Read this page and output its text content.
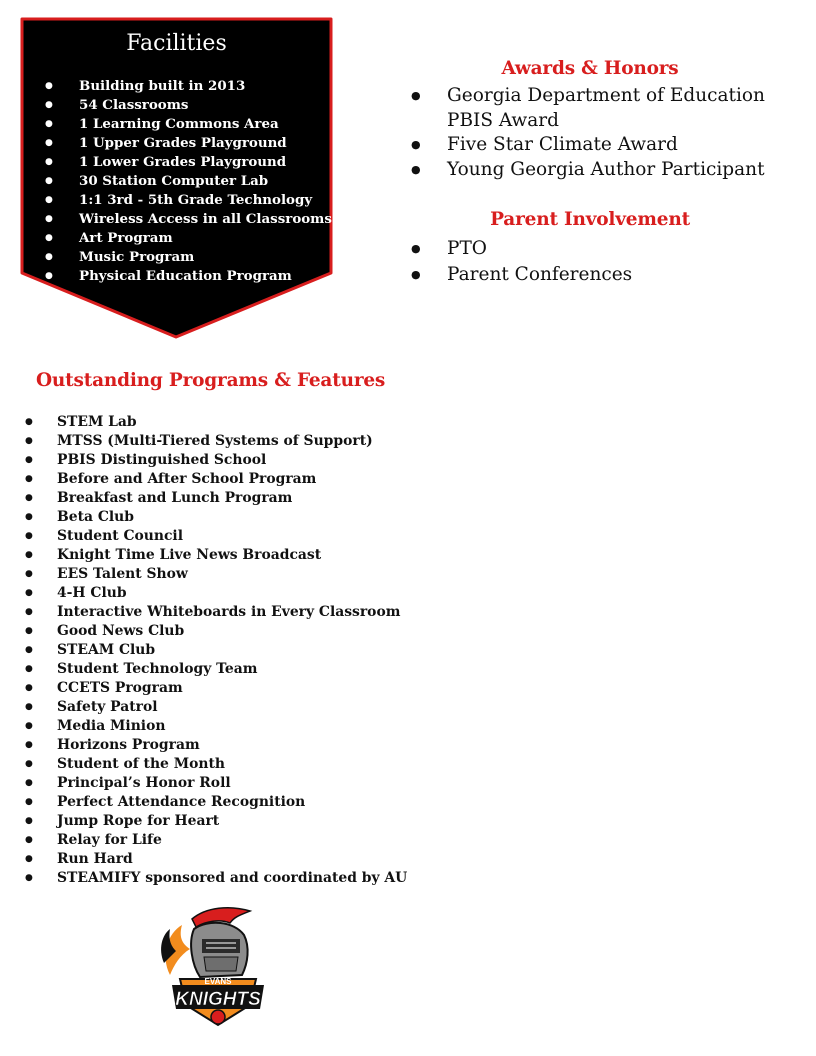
Facilities
● Building built in 2013
● 54 Classrooms
● 1 Learning Commons Area
● 1 Upper Grades Playground
● 1 Lower Grades Playground
● 30 Station Computer Lab
● 1:1 3rd - 5th Grade Technology
● Wireless Access in all Classrooms
● Art Program
● Music Program
● Physical Education Program
Awards & Honors
● Georgia Department of Education PBIS Award
● Five Star Climate Award
● Young Georgia Author Participant
Parent Involvement
● PTO
● Parent Conferences
Outstanding Programs & Features
● STEM Lab
● MTSS (Multi-Tiered Systems of Support)
● PBIS Distinguished School
● Before and After School Program
● Breakfast and Lunch Program
● Beta Club
● Student Council
● Knight Time Live News Broadcast
● EES Talent Show
● 4-H Club
● Interactive Whiteboards in Every Classroom
● Good News Club
● STEAM Club
● Student Technology Team
● CCETS Program
● Safety Patrol
● Media Minion
● Horizons Program
● Student of the Month
● Principal’s Honor Roll
● Perfect Attendance Recognition
● Jump Rope for Heart
● Relay for Life
● Run Hard
● STEAMIFY sponsored and coordinated by AU
EVANS
KNIGHTS
